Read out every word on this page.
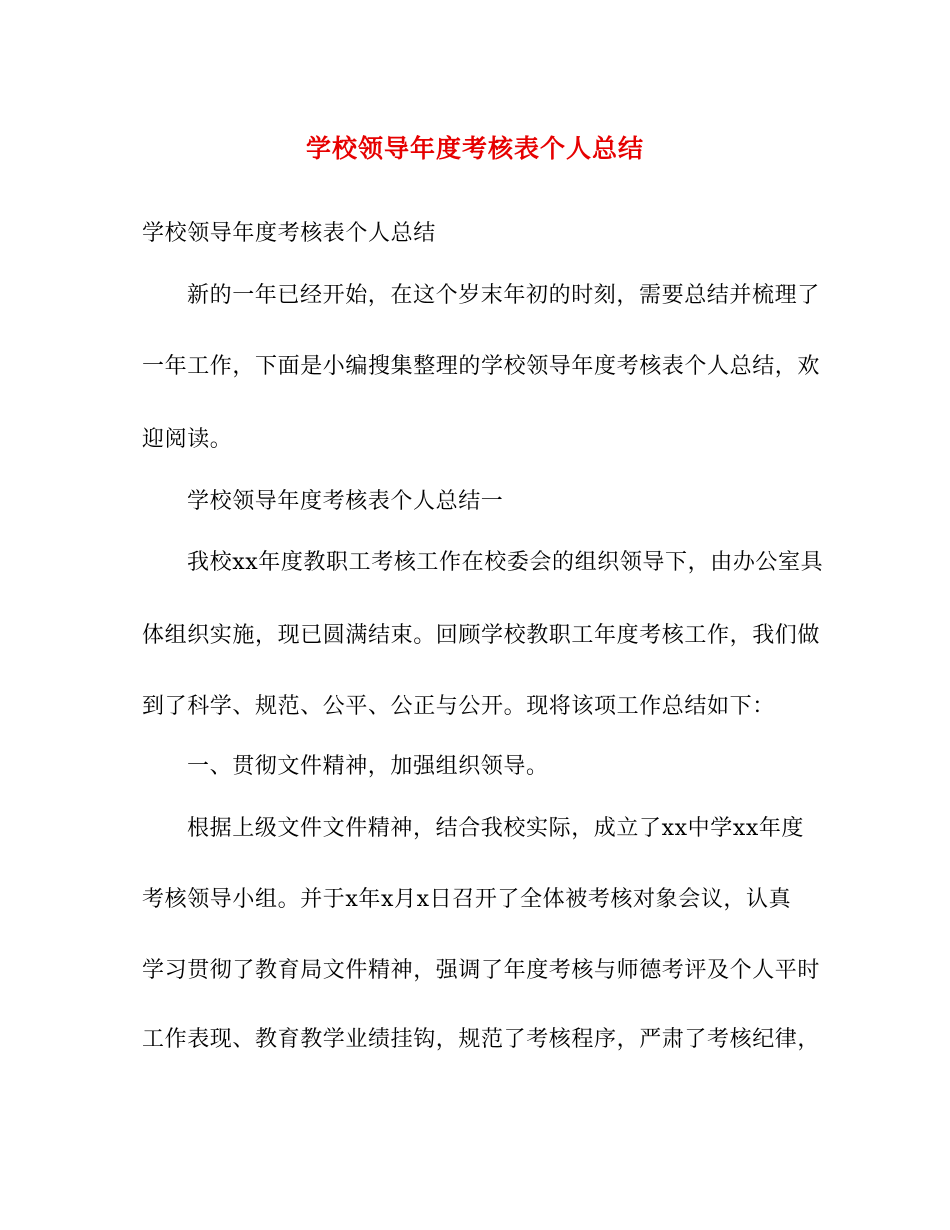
学校领导年度考核表个人总结
学校领导年度考核表个人总结
新的一年已经开始，在这个岁末年初的时刻，需要总结并梳理了
一年工作，下面是小编搜集整理的学校领导年度考核表个人总结，欢
迎阅读。
学校领导年度考核表个人总结一
我校xx年度教职工考核工作在校委会的组织领导下，由办公室具
体组织实施，现已圆满结束。回顾学校教职工年度考核工作，我们做
到了科学、规范、公平、公正与公开。现将该项工作总结如下：
一、贯彻文件精神，加强组织领导。
根据上级文件文件精神，结合我校实际，成立了xx中学xx年度
考核领导小组。并于x年x月x日召开了全体被考核对象会议，认真
学习贯彻了教育局文件精神，强调了年度考核与师德考评及个人平时
工作表现、教育教学业绩挂钩，规范了考核程序，严肃了考核纪律，
